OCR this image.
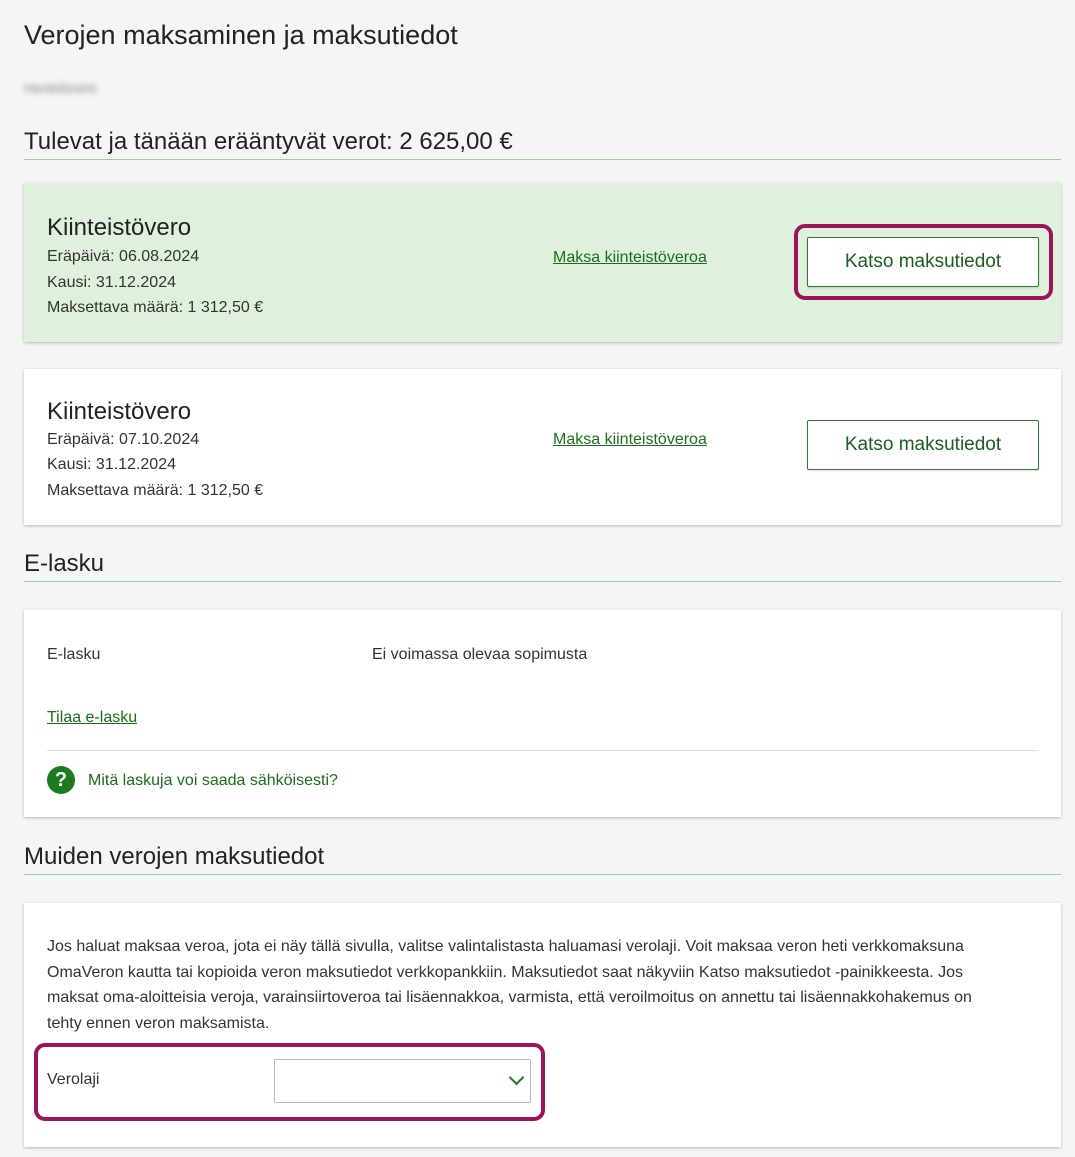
Verojen maksaminen ja maksutiedot
Henkilönimi
Tulevat ja tänään erääntyvät verot: 2 625,00 €
Kiinteistövero
Eräpäivä: 06.08.2024
Kausi: 31.12.2024
Maksettava määrä: 1 312,50 €
Maksa kiinteistöveroa	Katso maksutiedot
Kiinteistövero
Eräpäivä: 07.10.2024
Kausi: 31.12.2024
Maksettava määrä: 1 312,50 €
Maksa kiinteistöveroa	Katso maksutiedot
E-lasku
E-lasku	Ei voimassa olevaa sopimusta
Tilaa e-lasku
?	Mitä laskuja voi saada sähköisesti?
Muiden verojen maksutiedot
Jos haluat maksaa veroa, jota ei näy tällä sivulla, valitse valintalistasta haluamasi verolaji. Voit maksaa veron heti verkkomaksuna OmaVeron kautta tai kopioida veron maksutiedot verkkopankkiin. Maksutiedot saat näkyviin Katso maksutiedot -painikkeesta. Jos maksat oma-aloitteisia veroja, varainsiirtoveroa tai lisäennakkoa, varmista, että veroilmoitus on annettu tai lisäennakkohakemus on tehty ennen veron maksamista.
Verolaji
